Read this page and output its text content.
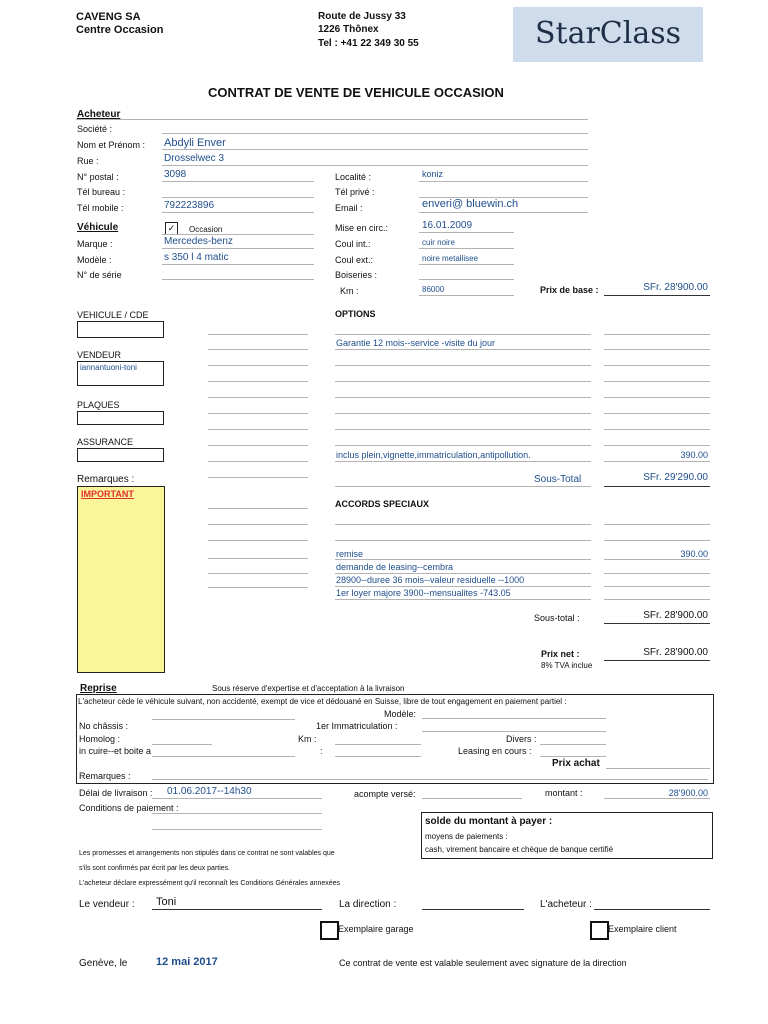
CAVENG SA
Centre Occasion
Route de Jussy 33
1226 Thônex
Tel : +41 22 349 30 55	StarClass
CONTRAT DE VENTE DE VEHICULE OCCASION
Acheteur
Société :
Nom et Prénom : Abdyli Enver
Rue :	Drosselwec 3
N° postal :	3098	Localité :	koniz
Tél bureau :	Tél privé :
Tél mobile :	792223896	Email :	enveri@ bluewin.ch
Véhicule	✓	Occasion	Mise en circ.:	16.01.2009
Marque :	Mercedes-benz	Coul int.:	cuir noire
Modèle :	s 350 l 4 matic	Coul ext.:	noire metallisee
N° de série	Boiseries :
Km :	86000	Prix de base :	SFr. 28'900.00
VEHICULE / CDE
VENDEUR
iannantuoni-toni
PLAQUES
ASSURANCE
Remarques :
IMPORTANT
OPTIONS
Garantie 12 mois--service -visite du jour
inclus plein,vignette,immatriculation,antipollution.	390.00
Sous-Total	SFr. 29'290.00
ACCORDS SPECIAUX
remise	390.00
demande de leasing--cembra
28900--duree 36 mois--valeur residuelle --1000
1er loyer majore 3900--mensualites -743.05
Sous-total :	SFr. 28'900.00
Prix net :	SFr. 28'900.00
8% TVA inclue
Reprise	Sous réserve d'expertise et d'acceptation à la livraison
L'acheteur cède le véhicule suivant, non accidenté, exempt de vice et dédouané en Suisse, libre de tout engagement en paiement partiel :
Modèle:
No châssis :	1er Immatriculation :
Homolog :	Km :	Divers :
in cuire--et boite a	:	Leasing en cours :
Prix achat
Remarques :
Délai de livraison : 01.06.2017--14h30	acompte versé:	montant :	28'900.00
Conditions de paiement :
solde du montant à payer :
moyens de paiements :
cash, virement bancaire et chèque de banque certifié
Les promesses et arrangements non stipulés dans ce contrat ne sont valables que
s'ils sont confirmés par écrit par les deux parties.
L'acheteur déclare expressément qu'il reconnaît les Conditions Générales annexées
Le vendeur : Toni	La direction :	L'acheteur :
Exemplaire garage	Exemplaire client
Genève, le	12 mai 2017	Ce contrat de vente est valable seulement avec signature de la direction
